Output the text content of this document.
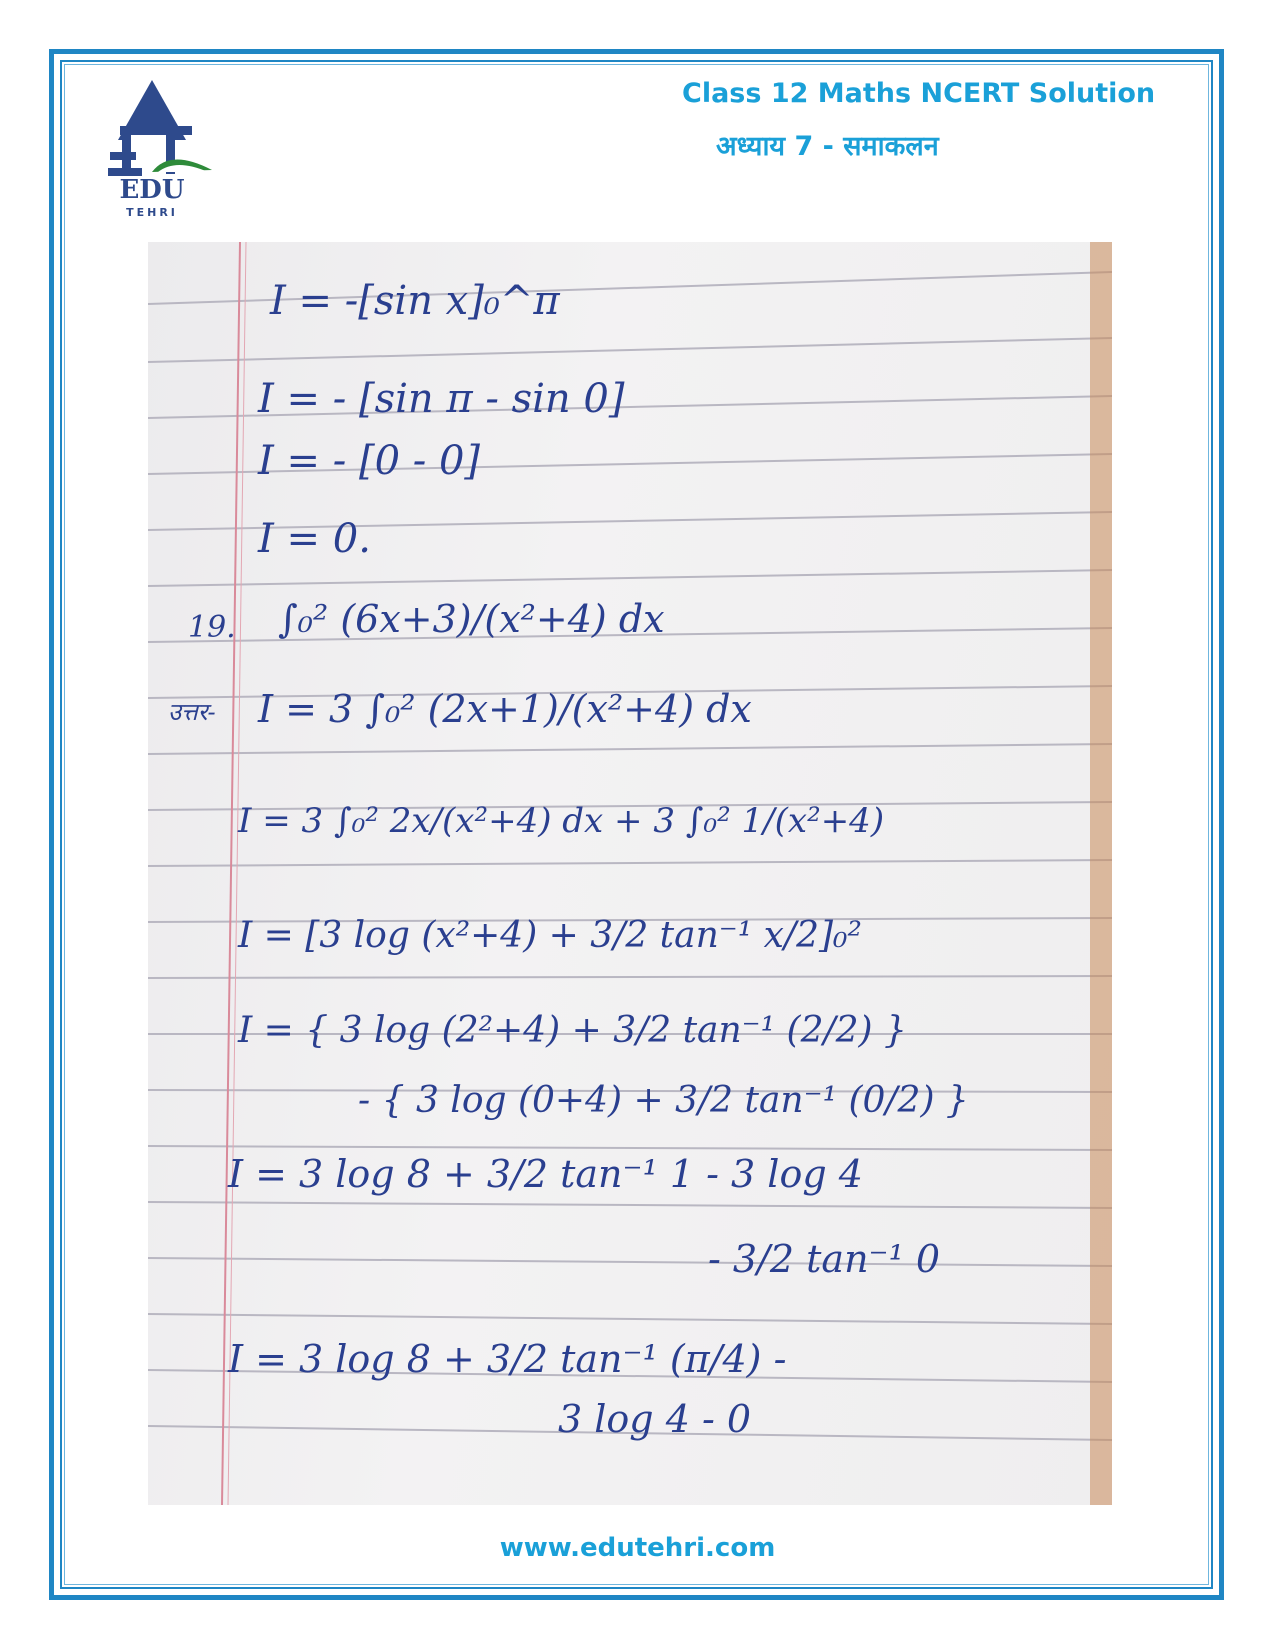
EDU
TEHRI
Class 12 Maths NCERT Solution
अध्याय 7 - समाकलन
19.
उत्तर-
I = -[sin x]₀^π
I = - [sin π - sin 0]
I = - [0 - 0]
I = 0.
∫₀² (6x+3)/(x²+4) dx
I = 3 ∫₀² (2x+1)/(x²+4) dx
I = 3 ∫₀² 2x/(x²+4) dx + 3 ∫₀² 1/(x²+4)
I = [3 log (x²+4) + 3/2 tan⁻¹ x/2]₀²
I = { 3 log (2²+4) + 3/2 tan⁻¹ (2/2) }
- { 3 log (0+4) + 3/2 tan⁻¹ (0/2) }
I = 3 log 8 + 3/2 tan⁻¹ 1 - 3 log 4
- 3/2 tan⁻¹ 0
I = 3 log 8 + 3/2 tan⁻¹ (π/4) -
3 log 4 - 0
www.edutehri.com
